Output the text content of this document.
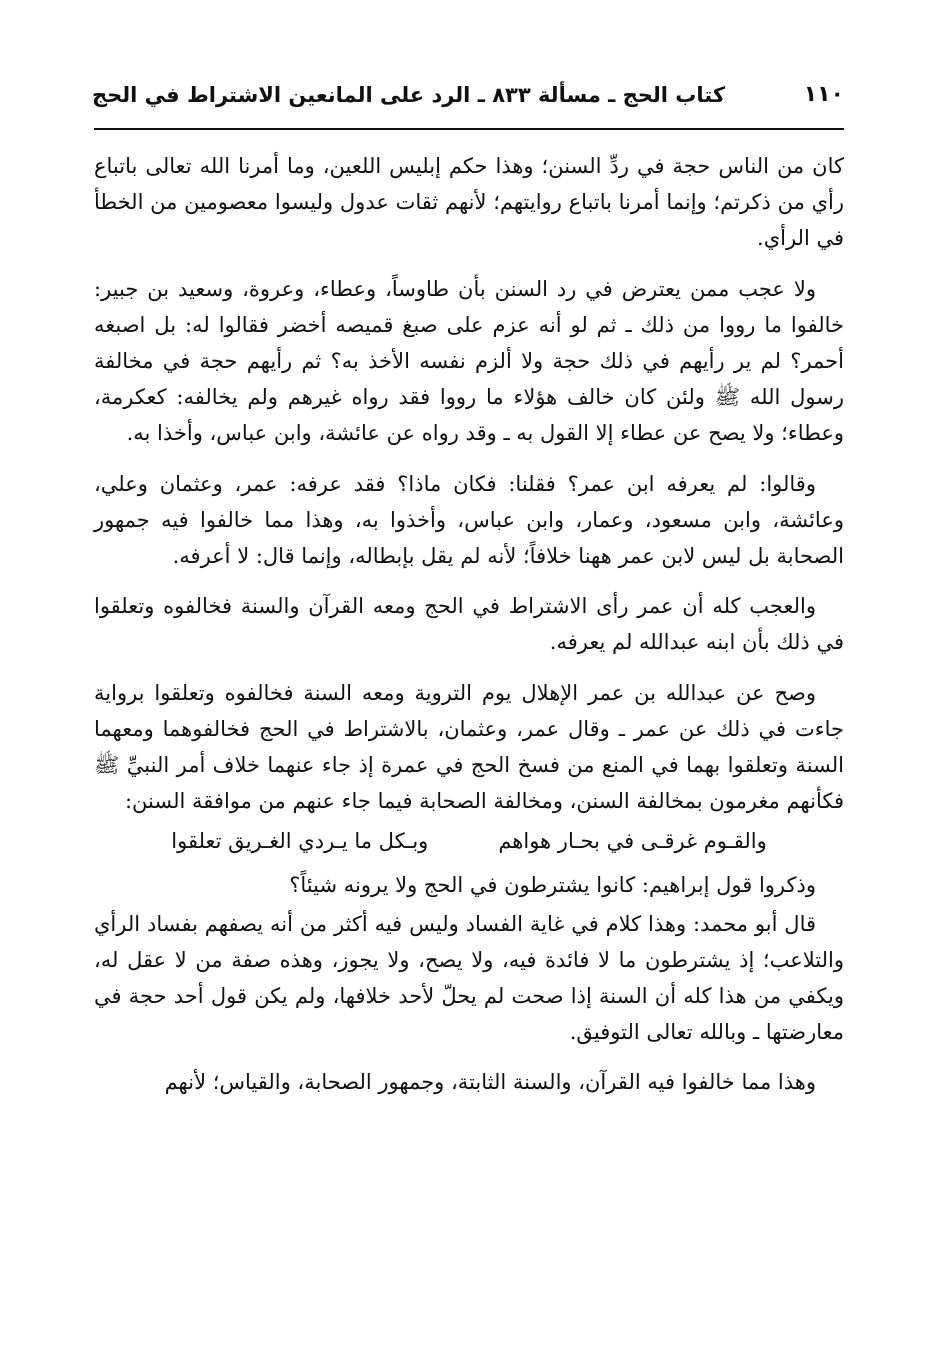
كتاب الحج ـ مسألة ٨٣٣ ـ الرد على المانعين الاشتراط في الحج	١١٠

كان من الناس حجة في ردِّ السنن؛ وهذا حكم إبليس اللعين، وما أمرنا الله تعالى باتباع رأي من ذكرتم؛ وإنما أمرنا باتباع روايتهم؛ لأنهم ثقات عدول وليسوا معصومين من الخطأ في الرأي.

ولا عجب ممن يعترض في رد السنن بأن طاوساً، وعطاء، وعروة، وسعيد بن جبير: خالفوا ما رووا من ذلك ـ ثم لو أنه عزم على صبغ قميصه أخضر فقالوا له: بل اصبغه أحمر؟ لم ير رأيهم في ذلك حجة ولا ألزم نفسه الأخذ به؟ ثم رأيهم حجة في مخالفة رسول الله ﷺ ولئن كان خالف هؤلاء ما رووا فقد رواه غيرهم ولم يخالفه: كعكرمة، وعطاء؛ ولا يصح عن عطاء إلا القول به ـ وقد رواه عن عائشة، وابن عباس، وأخذا به.

وقالوا: لم يعرفه ابن عمر؟ فقلنا: فكان ماذا؟ فقد عرفه: عمر، وعثمان وعلي، وعائشة، وابن مسعود، وعمار، وابن عباس، وأخذوا به، وهذا مما خالفوا فيه جمهور الصحابة بل ليس لابن عمر ههنا خلافاً؛ لأنه لم يقل بإبطاله، وإنما قال: لا أعرفه.

والعجب كله أن عمر رأى الاشتراط في الحج ومعه القرآن والسنة فخالفوه وتعلقوا في ذلك بأن ابنه عبدالله لم يعرفه.

وصح عن عبدالله بن عمر الإهلال يوم التروية ومعه السنة فخالفوه وتعلقوا برواية جاءت في ذلك عن عمر ـ وقال عمر، وعثمان، بالاشتراط في الحج فخالفوهما ومعهما السنة وتعلقوا بهما في المنع من فسخ الحج في عمرة إذ جاء عنهما خلاف أمر النبيِّ ﷺ فكأنهم مغرمون بمخالفة السنن، ومخالفة الصحابة فيما جاء عنهم من موافقة السنن:

والقـوم غرقـى في بحـار هواهم
وبـكل ما يـردي الغـريق تعلقوا

وذكروا قول إبراهيم: كانوا يشترطون في الحج ولا يرونه شيئاً؟

قال أبو محمد: وهذا كلام في غاية الفساد وليس فيه أكثر من أنه يصفهم بفساد الرأي والتلاعب؛ إذ يشترطون ما لا فائدة فيه، ولا يصح، ولا يجوز، وهذه صفة من لا عقل له، ويكفي من هذا كله أن السنة إذا صحت لم يحلّ لأحد خلافها، ولم يكن قول أحد حجة في معارضتها ـ وبالله تعالى التوفيق.

وهذا مما خالفوا فيه القرآن، والسنة الثابتة، وجمهور الصحابة، والقياس؛ لأنهم
